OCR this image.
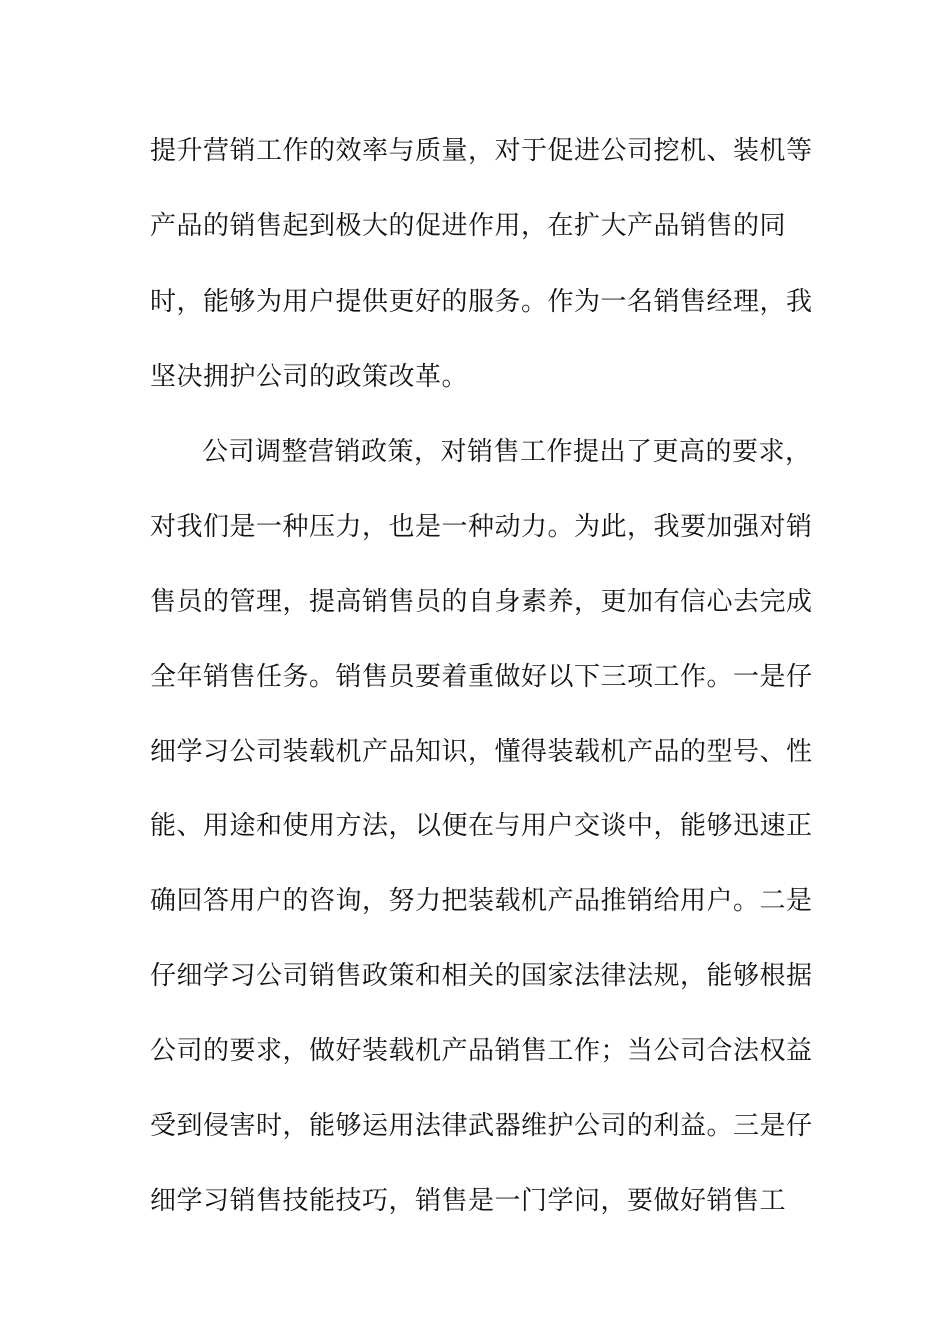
提升营销工作的效率与质量，对于促进公司挖机、装机等
产品的销售起到极大的促进作用，在扩大产品销售的同
时，能够为用户提供更好的服务。作为一名销售经理，我
坚决拥护公司的政策改革。
公司调整营销政策，对销售工作提出了更高的要求，
对我们是一种压力，也是一种动力。为此，我要加强对销
售员的管理，提高销售员的自身素养，更加有信心去完成
全年销售任务。销售员要着重做好以下三项工作。一是仔
细学习公司装载机产品知识，懂得装载机产品的型号、性
能、用途和使用方法，以便在与用户交谈中，能够迅速正
确回答用户的咨询，努力把装载机产品推销给用户。二是
仔细学习公司销售政策和相关的国家法律法规，能够根据
公司的要求，做好装载机产品销售工作；当公司合法权益
受到侵害时，能够运用法律武器维护公司的利益。三是仔
细学习销售技能技巧，销售是一门学问，要做好销售工
